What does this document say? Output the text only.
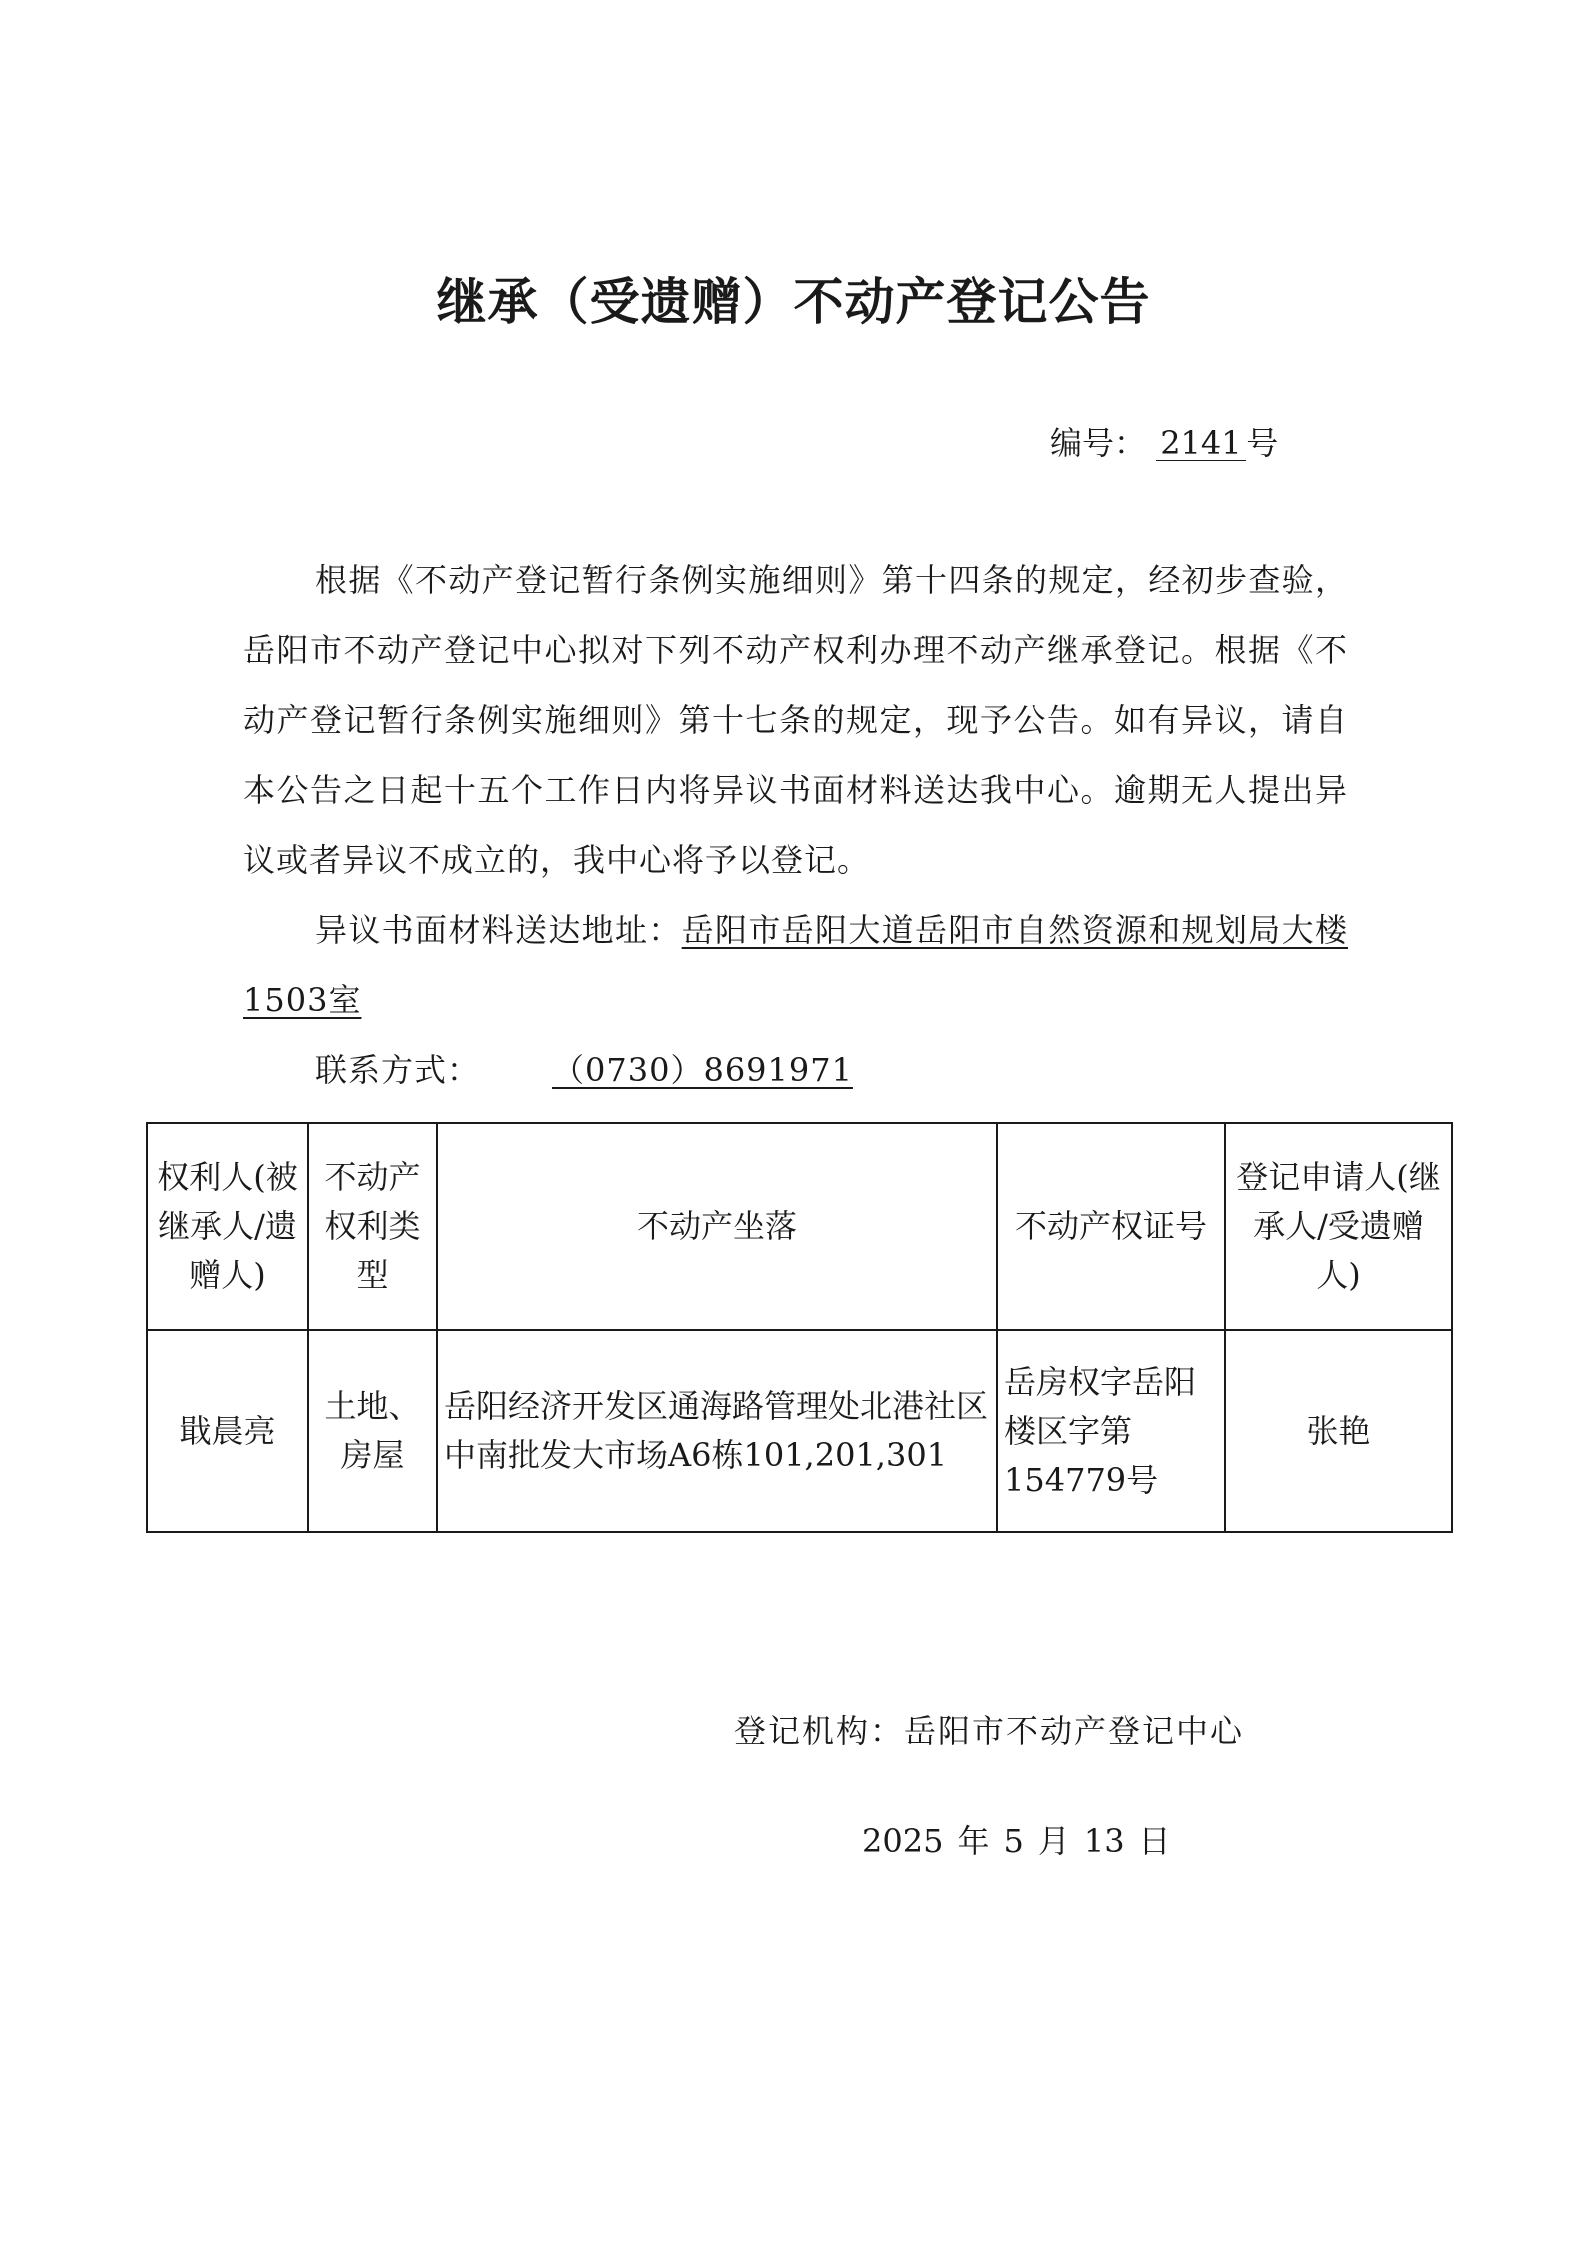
继承（受遗赠）不动产登记公告
编号： 2141 号

根据《不动产登记暂行条例实施细则》第十四条的规定，经初步查验，岳阳市不动产登记中心拟对下列不动产权利办理不动产继承登记。根据《不动产登记暂行条例实施细则》第十七条的规定，现予公告。如有异议，请自本公告之日起十五个工作日内将异议书面材料送达我中心。逾期无人提出异议或者异议不成立的，我中心将予以登记。

异议书面材料送达地址：岳阳市岳阳大道岳阳市自然资源和规划局大楼1503室

联系方式： （0730）8691971

权利人(被继承人/遗赠人)	不动产权利类型	不动产坐落	不动产权证号	登记申请人(继承人/受遗赠人)
戢晨亮	土地、房屋	岳阳经济开发区通海路管理处北港社区中南批发大市场A6栋101,201,301	岳房权字岳阳楼区字第154779号	张艳
登记机构：岳阳市不动产登记中心
2025 年 5 月 13 日
